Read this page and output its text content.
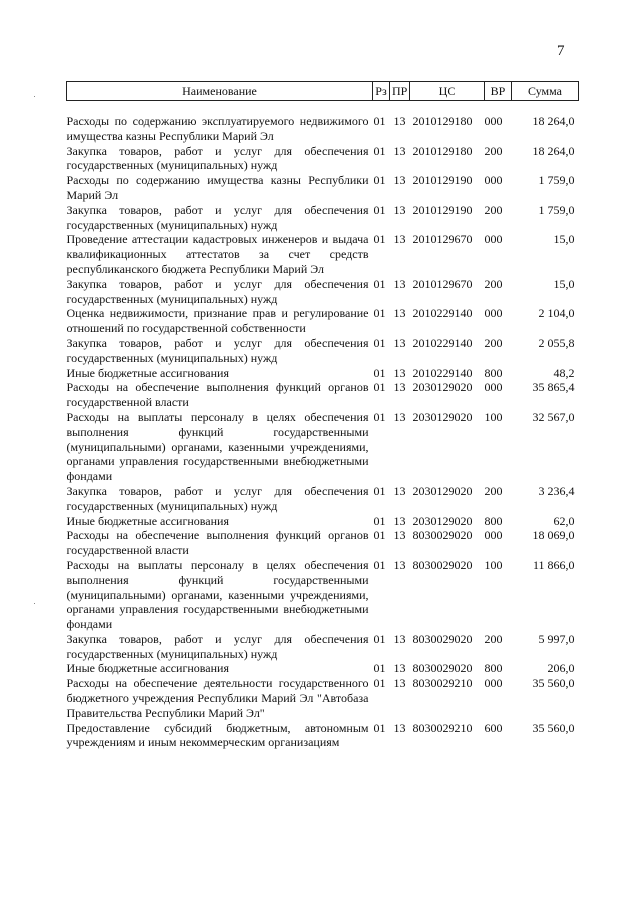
7
Наименование	Рз	ПР	ЦС	ВР	Сумма
Расходы по содержанию эксплуатируемого недвижимого имущества казны Республики Марий Эл	01	13	2010129180	000	18 264,0
Закупка товаров, работ и услуг для обеспечения государственных (муниципальных) нужд	01	13	2010129180	200	18 264,0
Расходы по содержанию имущества казны Республики Марий Эл	01	13	2010129190	000	1 759,0
Закупка товаров, работ и услуг для обеспечения государственных (муниципальных) нужд	01	13	2010129190	200	1 759,0
Проведение аттестации кадастровых инженеров и выдача квалификационных аттестатов за счет средств республиканского бюджета Республики Марий Эл	01	13	2010129670	000	15,0
Закупка товаров, работ и услуг для обеспечения государственных (муниципальных) нужд	01	13	2010129670	200	15,0
Оценка недвижимости, признание прав и регулирование отношений по государственной собственности	01	13	2010229140	000	2 104,0
Закупка товаров, работ и услуг для обеспечения государственных (муниципальных) нужд	01	13	2010229140	200	2 055,8
Иные бюджетные ассигнования	01	13	2010229140	800	48,2
Расходы на обеспечение выполнения функций органов государственной власти	01	13	2030129020	000	35 865,4
Расходы на выплаты персоналу в целях обеспечения выполнения функций государственными (муниципальными) органами, казенными учреждениями, органами управления государственными внебюджетными фондами	01	13	2030129020	100	32 567,0
Закупка товаров, работ и услуг для обеспечения государственных (муниципальных) нужд	01	13	2030129020	200	3 236,4
Иные бюджетные ассигнования	01	13	2030129020	800	62,0
Расходы на обеспечение выполнения функций органов государственной власти	01	13	8030029020	000	18 069,0
Расходы на выплаты персоналу в целях обеспечения выполнения функций государственными (муниципальными) органами, казенными учреждениями, органами управления государственными внебюджетными фондами	01	13	8030029020	100	11 866,0
Закупка товаров, работ и услуг для обеспечения государственных (муниципальных) нужд	01	13	8030029020	200	5 997,0
Иные бюджетные ассигнования	01	13	8030029020	800	206,0
Расходы на обеспечение деятельности государственного бюджетного учреждения Республики Марий Эл "Автобаза Правительства Республики Марий Эл"	01	13	8030029210	000	35 560,0
Предоставление субсидий бюджетным, автономным учреждениям и иным некоммерческим организациям	01	13	8030029210	600	35 560,0
